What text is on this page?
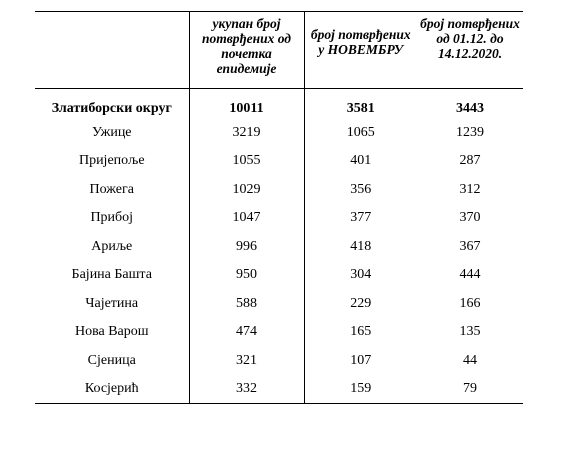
	укупан број потврђених од почетка епидемије	број потврђених у НОВЕМБРУ	број потврђених од 01.12. до 14.12.2020.
Златиборски округ	10011	3581	3443
Ужице	3219	1065	1239
Пријепоље	1055	401	287
Пожега	1029	356	312
Прибој	1047	377	370
Ариље	996	418	367
Бајина Башта	950	304	444
Чајетина	588	229	166
Нова Варош	474	165	135
Сјеница	321	107	44
Косјерић	332	159	79
